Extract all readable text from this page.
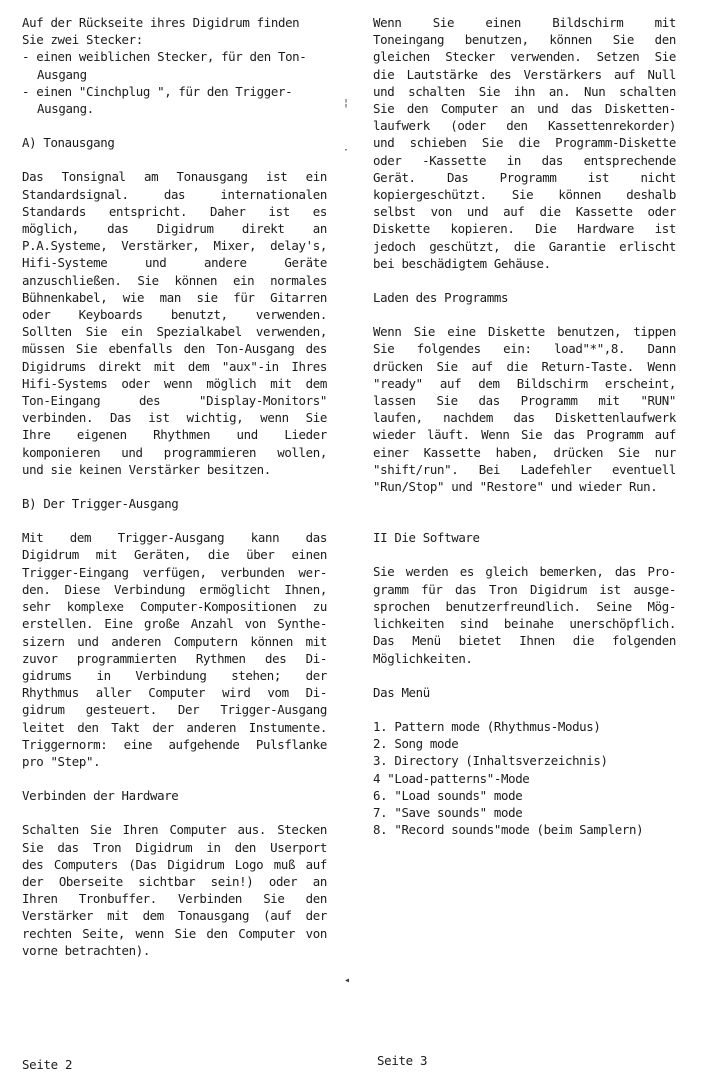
Auf der Rückseite ihres Digidrum finden

Sie zwei Stecker:

- einen weiblichen Stecker, für den Ton-
Ausgang

- einen "Cinchplug ", für den Trigger-
Ausgang.

A) Tonausgang

Das Tonsignal am Tonausgang ist ein

Standardsignal. das internationalen

Standards entspricht. Daher ist es

möglich, das Digidrum direkt an

P.A.Systeme, Verstärker, Mixer, delay's,

Hifi-Systeme und andere Geräte

anzuschließen. Sie können ein normales

Bühnenkabel, wie man sie für Gitarren

oder Keyboards benutzt, verwenden.

Sollten Sie ein Spezialkabel verwenden,

müssen Sie ebenfalls den Ton-Ausgang des

Digidrums direkt mit dem "aux"-in Ihres

Hifi-Systems oder wenn möglich mit dem

Ton-Eingang des "Display-Monitors"

verbinden. Das ist wichtig, wenn Sie

Ihre eigenen Rhythmen und Lieder

komponieren und programmieren wollen,

und sie keinen Verstärker besitzen.

B) Der Trigger-Ausgang

Mit dem Trigger-Ausgang kann das

Digidrum mit Geräten, die über einen

Trigger-Eingang verfügen, verbunden wer-

den. Diese Verbindung ermöglicht Ihnen,

sehr komplexe Computer-Kompositionen zu

erstellen. Eine große Anzahl von Synthe-

sizern und anderen Computern können mit

zuvor programmierten Rythmen des Di-

gidrums in Verbindung stehen; der

Rhythmus aller Computer wird vom Di-

gidrum gesteuert. Der Trigger-Ausgang

leitet den Takt der anderen Instumente.

Triggernorm: eine aufgehende Pulsflanke

pro "Step".

Verbinden der Hardware

Schalten Sie Ihren Computer aus. Stecken

Sie das Tron Digidrum in den Userport

des Computers (Das Digidrum Logo muß auf

der Oberseite sichtbar sein!) oder an

Ihren Tronbuffer. Verbinden Sie den

Verstärker mit dem Tonausgang (auf der

rechten Seite, wenn Sie den Computer von

vorne betrachten).

Wenn Sie einen Bildschirm mit

Toneingang benutzen, können Sie den

gleichen Stecker verwenden. Setzen Sie

die Lautstärke des Verstärkers auf Null

und schalten Sie ihn an. Nun schalten

Sie den Computer an und das Disketten-

laufwerk (oder den Kassettenrekorder)

und schieben Sie die Programm-Diskette

oder -Kassette in das entsprechende

Gerät. Das Programm ist nicht

kopiergeschützt. Sie können deshalb

selbst von und auf die Kassette oder

Diskette kopieren. Die Hardware ist

jedoch geschützt, die Garantie erlischt

bei beschädigtem Gehäuse.

Laden des Programms

Wenn Sie eine Diskette benutzen, tippen

Sie folgendes ein: load"*",8. Dann

drücken Sie auf die Return-Taste. Wenn

"ready" auf dem Bildschirm erscheint,

lassen Sie das Programm mit "RUN"

laufen, nachdem das Diskettenlaufwerk

wieder läuft. Wenn Sie das Programm auf

einer Kassette haben, drücken Sie nur

"shift/run". Bei Ladefehler eventuell

"Run/Stop" und "Restore" und wieder Run.

II Die Software

Sie werden es gleich bemerken, das Pro-

gramm für das Tron Digidrum ist ausge-

sprochen benutzerfreundlich. Seine Mög-

lichkeiten sind beinahe unerschöpflich.

Das Menü bietet Ihnen die folgenden

Möglichkeiten.

Das Menü

1. Pattern mode (Rhythmus-Modus)

2. Song mode

3. Directory (Inhaltsverzeichnis)

4 "Load-patterns"-Mode

6. "Load sounds" mode

7. "Save sounds" mode

8. "Record sounds"mode (beim Samplern)

¦
·
◂
Seite 2	Seite 3
